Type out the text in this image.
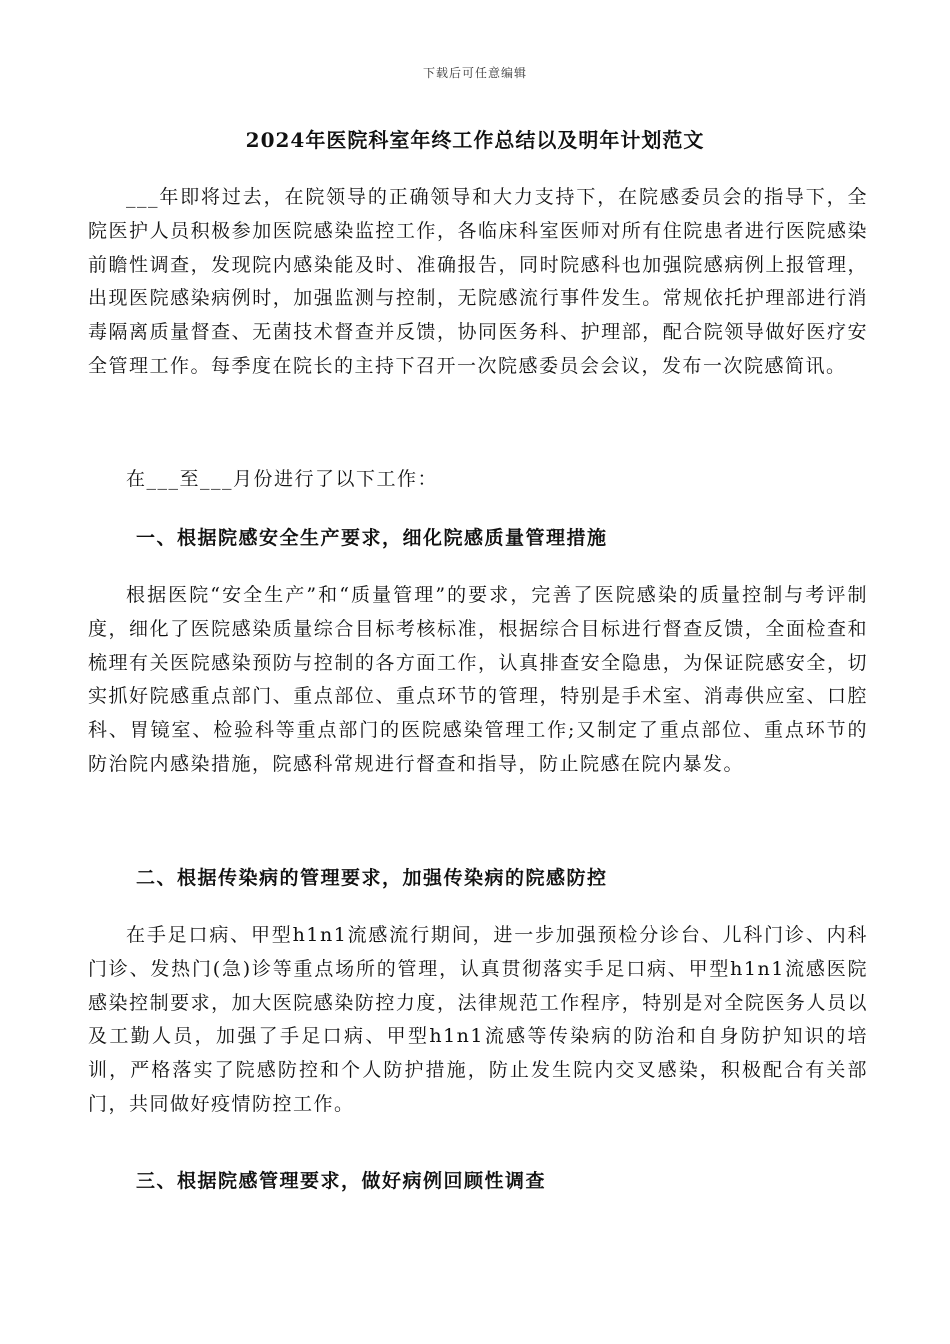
下载后可任意编辑
2024年医院科室年终工作总结以及明年计划范文

___年即将过去，在院领导的正确领导和大力支持下，在院感委员会的指导下，全院医护人员积极参加医院感染监控工作，各临床科室医师对所有住院患者进行医院感染前瞻性调查，发现院内感染能及时、准确报告，同时院感科也加强院感病例上报管理，出现医院感染病例时，加强监测与控制，无院感流行事件发生。常规依托护理部进行消毒隔离质量督查、无菌技术督查并反馈，协同医务科、护理部，配合院领导做好医疗安全管理工作。每季度在院长的主持下召开一次院感委员会会议，发布一次院感简讯。

在___至___月份进行了以下工作：

一、根据院感安全生产要求，细化院感质量管理措施

根据医院“安全生产”和“质量管理”的要求，完善了医院感染的质量控制与考评制度，细化了医院感染质量综合目标考核标准，根据综合目标进行督查反馈，全面检查和梳理有关医院感染预防与控制的各方面工作，认真排查安全隐患，为保证院感安全，切实抓好院感重点部门、重点部位、重点环节的管理，特别是手术室、消毒供应室、口腔科、胃镜室、检验科等重点部门的医院感染管理工作;又制定了重点部位、重点环节的防治院内感染措施，院感科常规进行督查和指导，防止院感在院内暴发。

二、根据传染病的管理要求，加强传染病的院感防控

在手足口病、甲型h1n1流感流行期间，进一步加强预检分诊台、儿科门诊、内科门诊、发热门(急)诊等重点场所的管理，认真贯彻落实手足口病、甲型h1n1流感医院感染控制要求，加大医院感染防控力度，法律规范工作程序，特别是对全院医务人员以及工勤人员，加强了手足口病、甲型h1n1流感等传染病的防治和自身防护知识的培训，严格落实了院感防控和个人防护措施，防止发生院内交叉感染，积极配合有关部门，共同做好疫情防控工作。

三、根据院感管理要求，做好病例回顾性调查
